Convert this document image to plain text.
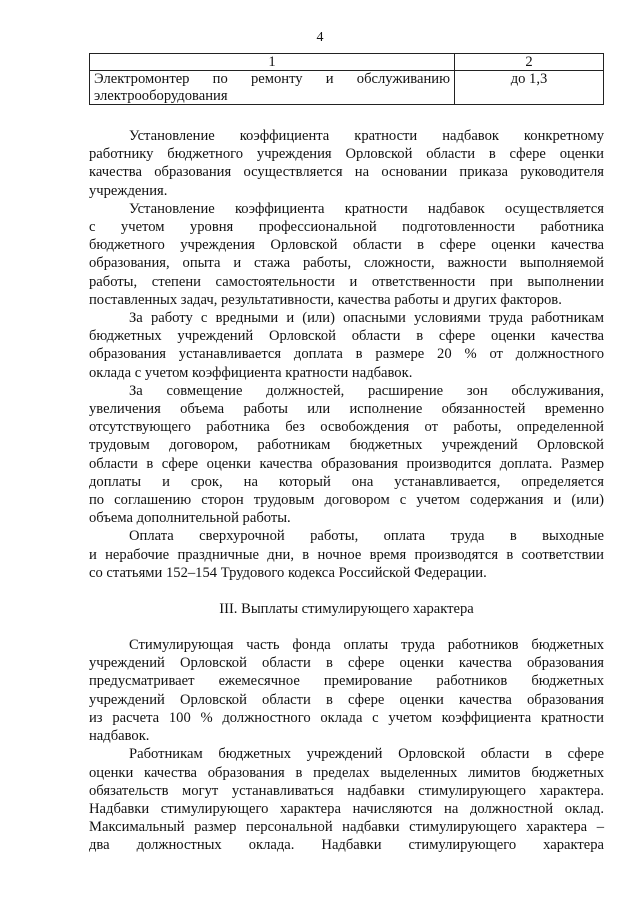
4
1	2

Электромонтер по ремонту и обслуживанию
электрооборудования	до 1,3

Установление коэффициента кратности надбавок конкретному

работнику бюджетного учреждения Орловской области в сфере оценки

качества образования осуществляется на основании приказа руководителя

учреждения.

Установление коэффициента кратности надбавок осуществляется

с учетом уровня профессиональной подготовленности работника

бюджетного учреждения Орловской области в сфере оценки качества

образования, опыта и стажа работы, сложности, важности выполняемой

работы, степени самостоятельности и ответственности при выполнении

поставленных задач, результативности, качества работы и других факторов.

За работу с вредными и (или) опасными условиями труда работникам

бюджетных учреждений Орловской области в сфере оценки качества

образования устанавливается доплата в размере 20 % от должностного

оклада с учетом коэффициента кратности надбавок.

За совмещение должностей, расширение зон обслуживания,

увеличения объема работы или исполнение обязанностей временно

отсутствующего работника без освобождения от работы, определенной

трудовым договором, работникам бюджетных учреждений Орловской

области в сфере оценки качества образования производится доплата. Размер

доплаты и срок, на который она устанавливается, определяется

по соглашению сторон трудовым договором с учетом содержания и (или)

объема дополнительной работы.

Оплата сверхурочной работы, оплата труда в выходные

и нерабочие праздничные дни, в ночное время производятся в соответствии

со статьями 152–154 Трудового кодекса Российской Федерации.

III. Выплаты стимулирующего характера

Стимулирующая часть фонда оплаты труда работников бюджетных

учреждений Орловской области в сфере оценки качества образования

предусматривает ежемесячное премирование работников бюджетных

учреждений Орловской области в сфере оценки качества образования

из расчета 100 % должностного оклада с учетом коэффициента кратности

надбавок.

Работникам бюджетных учреждений Орловской области в сфере

оценки качества образования в пределах выделенных лимитов бюджетных

обязательств могут устанавливаться надбавки стимулирующего характера.

Надбавки стимулирующего характера начисляются на должностной оклад.

Максимальный размер персональной надбавки стимулирующего характера –

два должностных оклада. Надбавки стимулирующего характера
